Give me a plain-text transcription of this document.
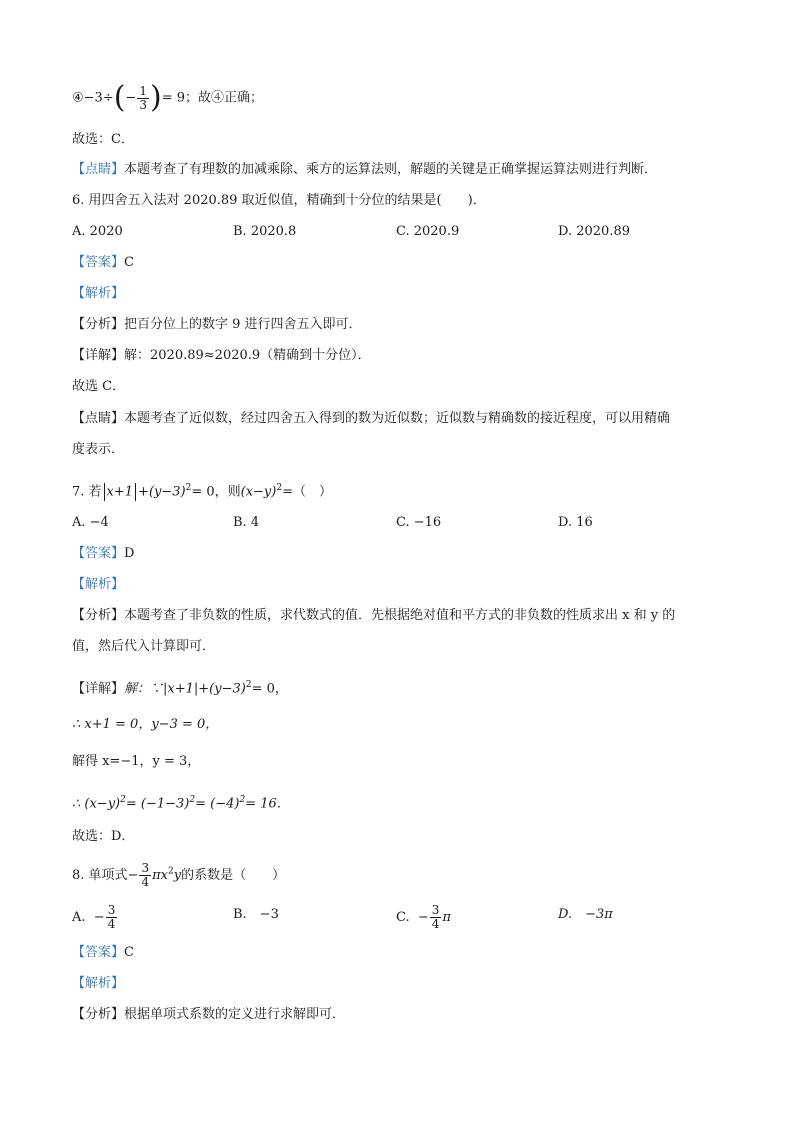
④−3÷(− $\frac{1}{3}$ )= 9；故④正确；
故选：C．
【点睛】本题考查了有理数的加减乘除、乘方的运算法则，解题的关键是正确掌握运算法则进行判断．
6. 用四舍五入法对 2020.89 取近似值，精确到十分位的结果是(　　)．
A. 2020	B. 2020.8	C. 2020.9	D. 2020.89
【答案】C
【解析】
【分析】把百分位上的数字 9 进行四舍五入即可．
【详解】解：2020.89≈2020.9（精确到十分位）．
故选 C．
【点睛】本题考查了近似数，经过四舍五入得到的数为近似数；近似数与精确数的接近程度，可以用精确
度表示．
7. 若 $x+1 +(y-3)^2= 0$，则$(x-y)^2=$（　）
A. −4	B. 4	C. −16	D. 16
【答案】D
【解析】
【分析】本题考查了非负数的性质，求代数式的值．先根据绝对值和平方式的非负数的性质求出 x 和 y 的
值，然后代入计算即可．
【详解】解：$\because|x+1|+(y-3)^2= 0$，
∴ x+1 = 0，y−3 = 0，
解得 x=−1，y = 3，
∴ $(x-y)^2= (-1-3)^2= (-4)^2= 16$．
故选：D．
8. 单项式− $\frac{3}{4} \pi x^2y$的系数是（　　）
A. − $\frac{3}{4}$	B.　−3	C. − $\frac{3}{4}$ π	D.　−3π
【答案】C
【解析】
【分析】根据单项式系数的定义进行求解即可．
